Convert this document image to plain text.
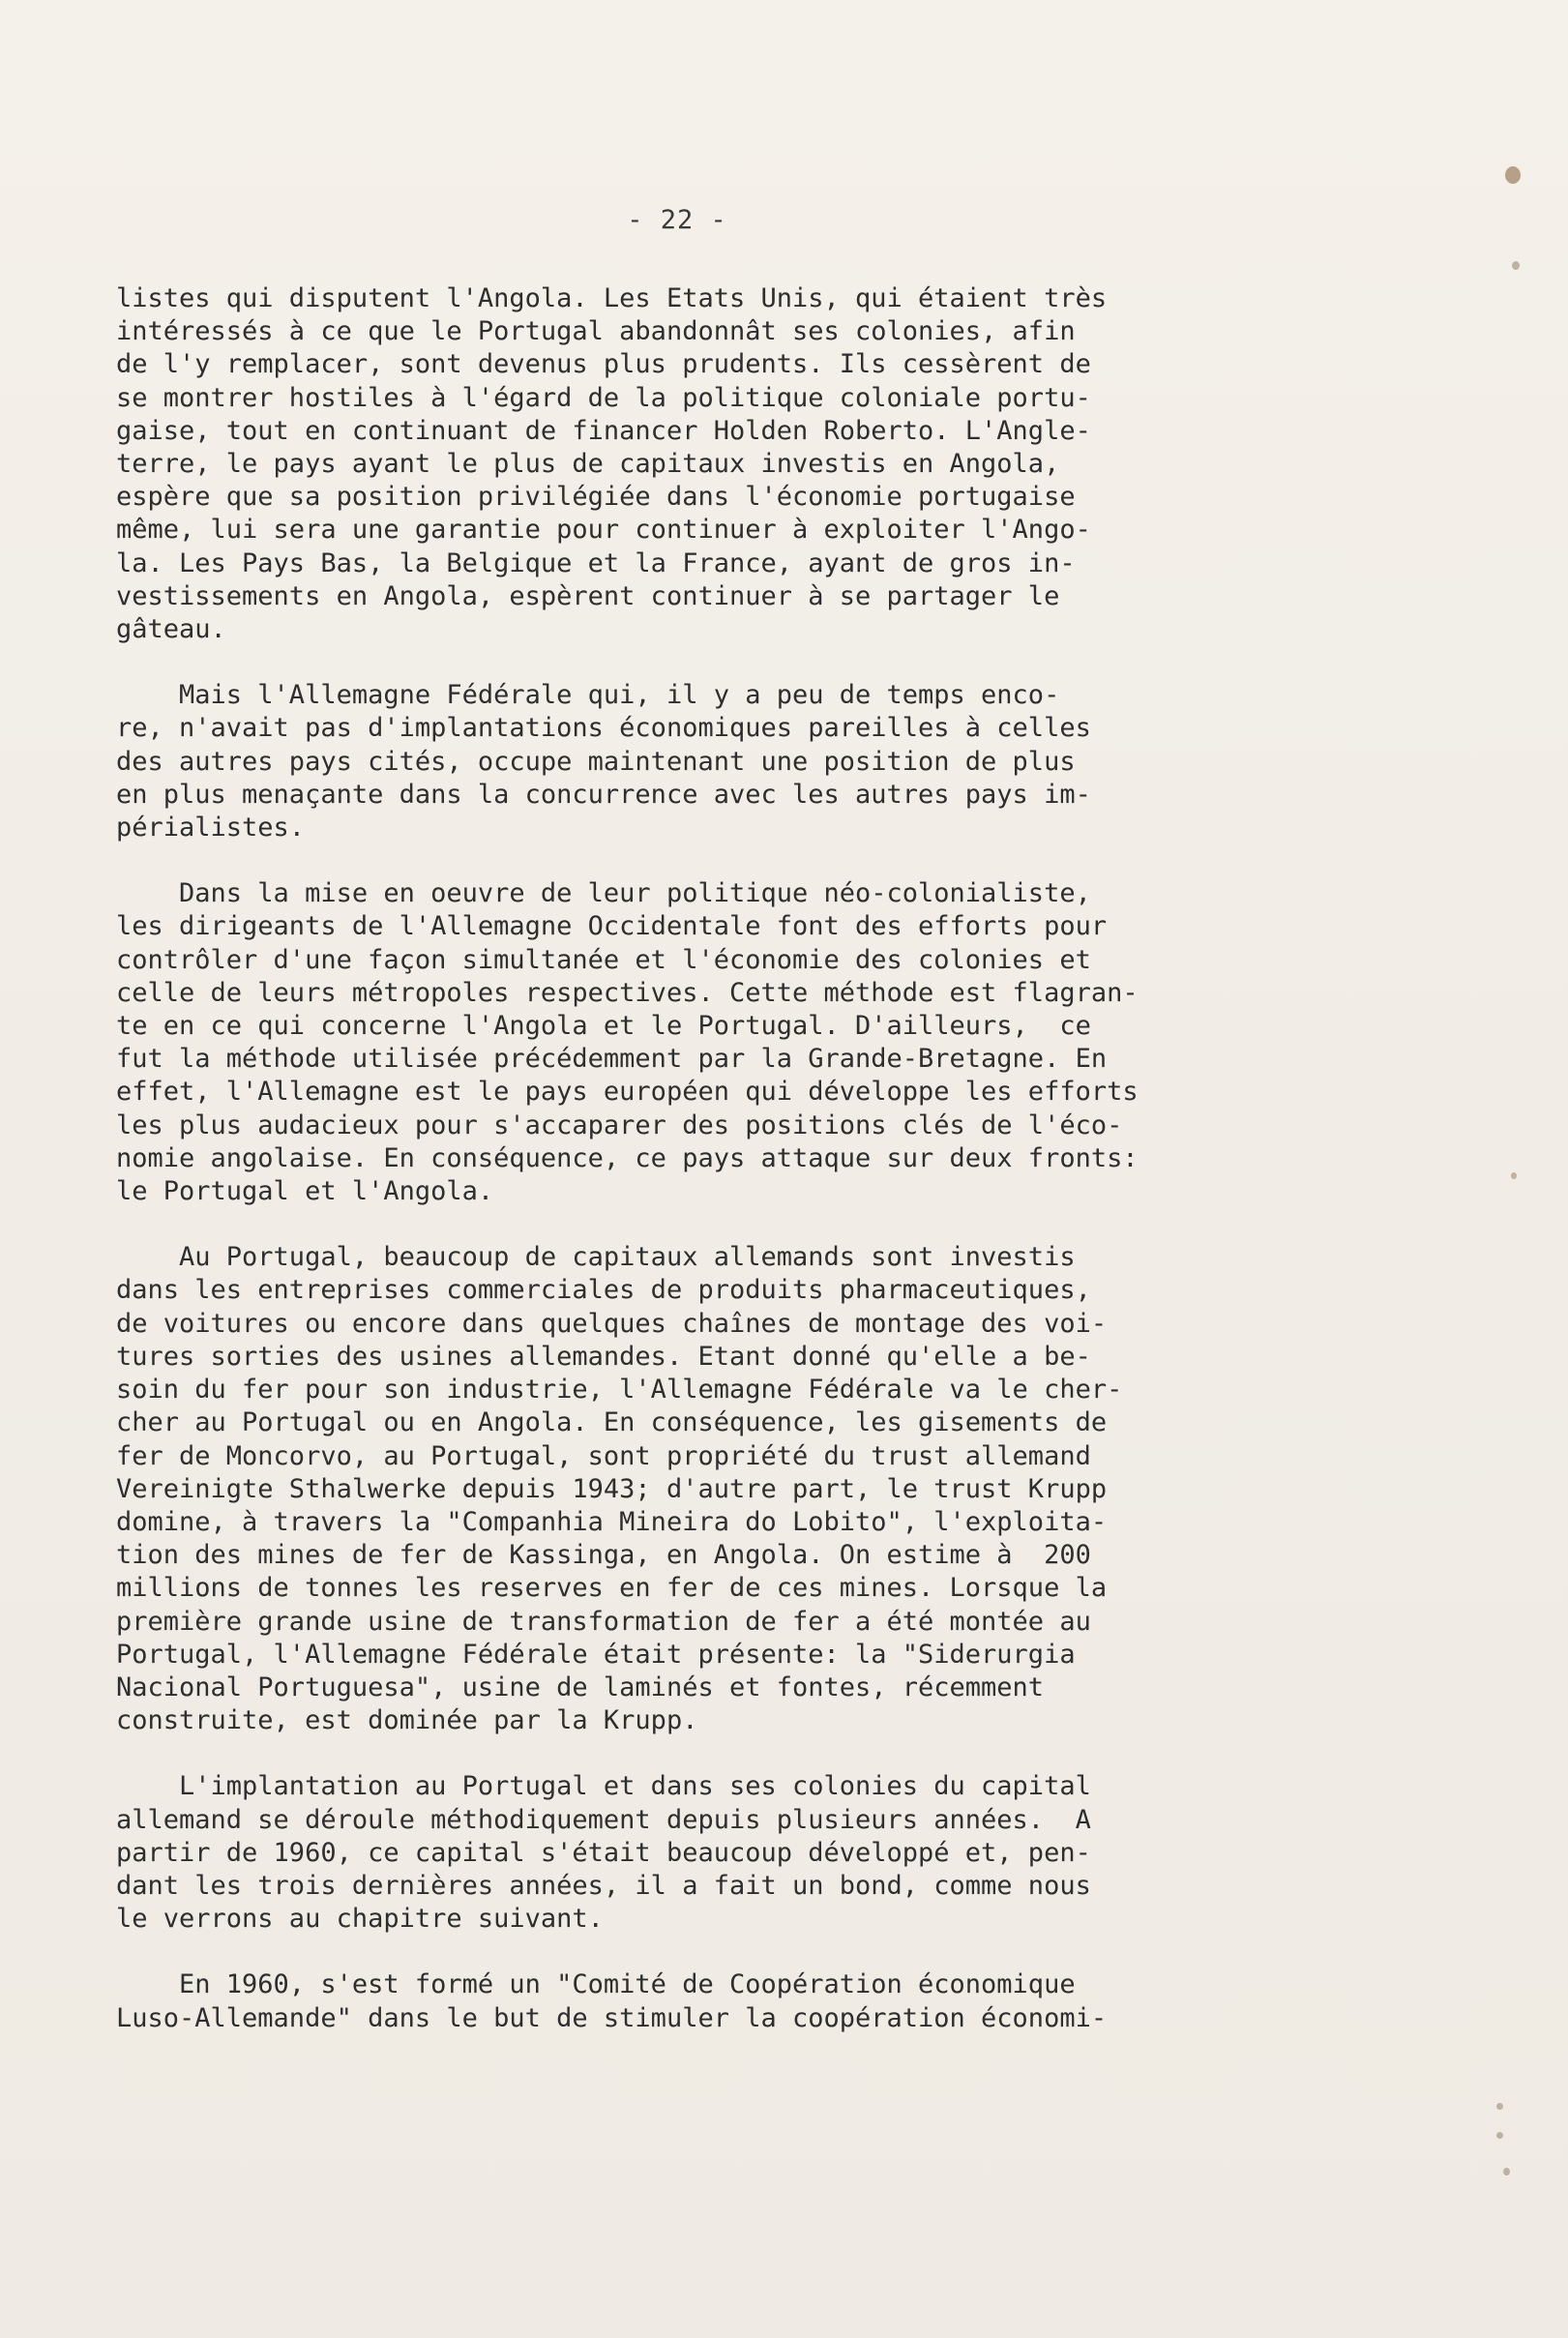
- 22 -
listes qui disputent l'Angola. Les Etats Unis, qui étaient très
intéressés à ce que le Portugal abandonnât ses colonies, afin
de l'y remplacer, sont devenus plus prudents. Ils cessèrent de
se montrer hostiles à l'égard de la politique coloniale portu-
gaise, tout en continuant de financer Holden Roberto. L'Angle-
terre, le pays ayant le plus de capitaux investis en Angola,
espère que sa position privilégiée dans l'économie portugaise
même, lui sera une garantie pour continuer à exploiter l'Ango-
la. Les Pays Bas, la Belgique et la France, ayant de gros in-
vestissements en Angola, espèrent continuer à se partager le
gâteau.
Mais l'Allemagne Fédérale qui, il y a peu de temps enco-
re, n'avait pas d'implantations économiques pareilles à celles
des autres pays cités, occupe maintenant une position de plus
en plus menaçante dans la concurrence avec les autres pays im-
périalistes.
Dans la mise en oeuvre de leur politique néo-colonialiste,
les dirigeants de l'Allemagne Occidentale font des efforts pour
contrôler d'une façon simultanée et l'économie des colonies et
celle de leurs métropoles respectives. Cette méthode est flagran-
te en ce qui concerne l'Angola et le Portugal. D'ailleurs,  ce
fut la méthode utilisée précédemment par la Grande-Bretagne. En
effet, l'Allemagne est le pays européen qui développe les efforts
les plus audacieux pour s'accaparer des positions clés de l'éco-
nomie angolaise. En conséquence, ce pays attaque sur deux fronts:
le Portugal et l'Angola.
Au Portugal, beaucoup de capitaux allemands sont investis
dans les entreprises commerciales de produits pharmaceutiques,
de voitures ou encore dans quelques chaînes de montage des voi-
tures sorties des usines allemandes. Etant donné qu'elle a be-
soin du fer pour son industrie, l'Allemagne Fédérale va le cher-
cher au Portugal ou en Angola. En conséquence, les gisements de
fer de Moncorvo, au Portugal, sont propriété du trust allemand
Vereinigte Sthalwerke depuis 1943; d'autre part, le trust Krupp
domine, à travers la "Companhia Mineira do Lobito", l'exploita-
tion des mines de fer de Kassinga, en Angola. On estime à  200
millions de tonnes les reserves en fer de ces mines. Lorsque la
première grande usine de transformation de fer a été montée au
Portugal, l'Allemagne Fédérale était présente: la "Siderurgia
Nacional Portuguesa", usine de laminés et fontes, récemment
construite, est dominée par la Krupp.
L'implantation au Portugal et dans ses colonies du capital
allemand se déroule méthodiquement depuis plusieurs années.  A
partir de 1960, ce capital s'était beaucoup développé et, pen-
dant les trois dernières années, il a fait un bond, comme nous
le verrons au chapitre suivant.
En 1960, s'est formé un "Comité de Coopération économique
Luso-Allemande" dans le but de stimuler la coopération économi-
